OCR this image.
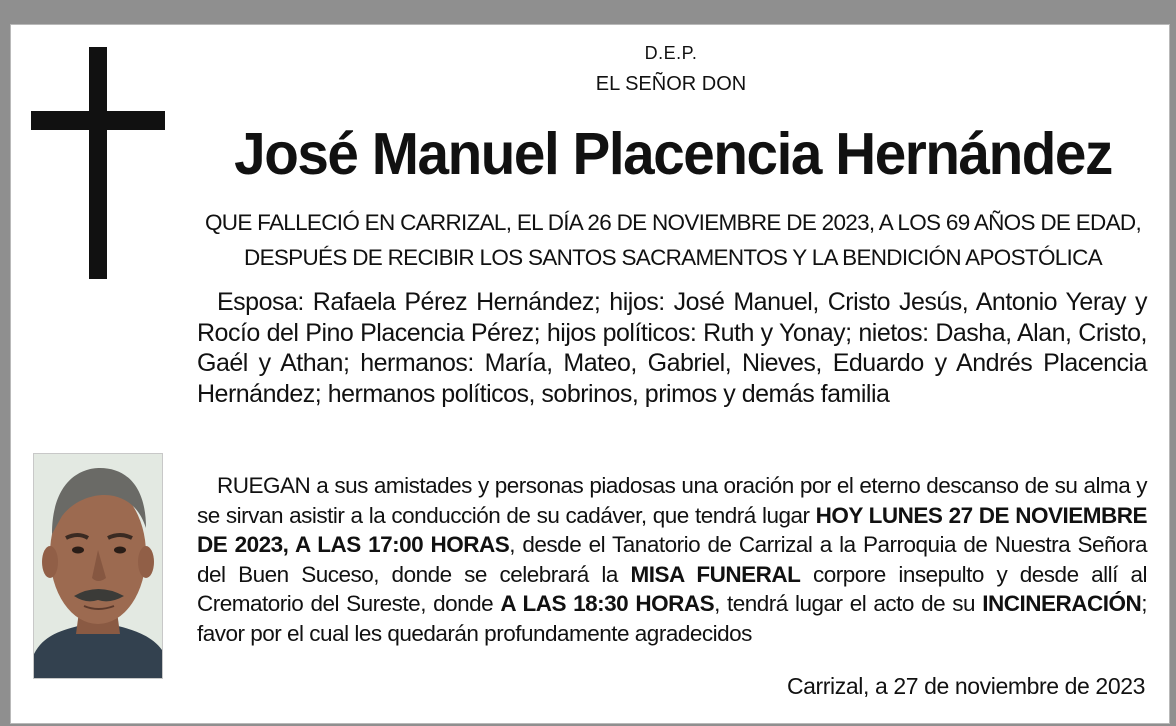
D.E.P.
EL SEÑOR DON
José Manuel Placencia Hernández
QUE FALLECIÓ EN CARRIZAL, EL DÍA 26 DE NOVIEMBRE DE 2023, A LOS 69 AÑOS DE EDAD, DESPUÉS DE RECIBIR LOS SANTOS SACRAMENTOS Y LA BENDICIÓN APOSTÓLICA
Esposa: Rafaela Pérez Hernández; hijos: José Manuel, Cristo Jesús, Antonio Yeray y Rocío del Pino Placencia Pérez; hijos políticos: Ruth y Yonay; nietos: Dasha, Alan, Cristo, Gaél y Athan; hermanos: María, Mateo, Gabriel, Nieves, Eduardo y Andrés Placencia Hernández; hermanos políticos, sobrinos, primos y demás familia
RUEGAN a sus amistades y personas piadosas una oración por el eterno descanso de su alma y se sirvan asistir a la conducción de su cadáver, que tendrá lugar HOY LUNES 27 DE NOVIEMBRE DE 2023, A LAS 17:00 HORAS, desde el Tanatorio de Carrizal a la Parroquia de Nuestra Señora del Buen Suceso, donde se celebrará la MISA FUNERAL corpore insepulto y desde allí al Crematorio del Sureste, donde A LAS 18:30 HORAS, tendrá lugar el acto de su INCINERACIÓN; favor por el cual les quedarán profundamente agradecidos
Carrizal, a 27 de noviembre de 2023
